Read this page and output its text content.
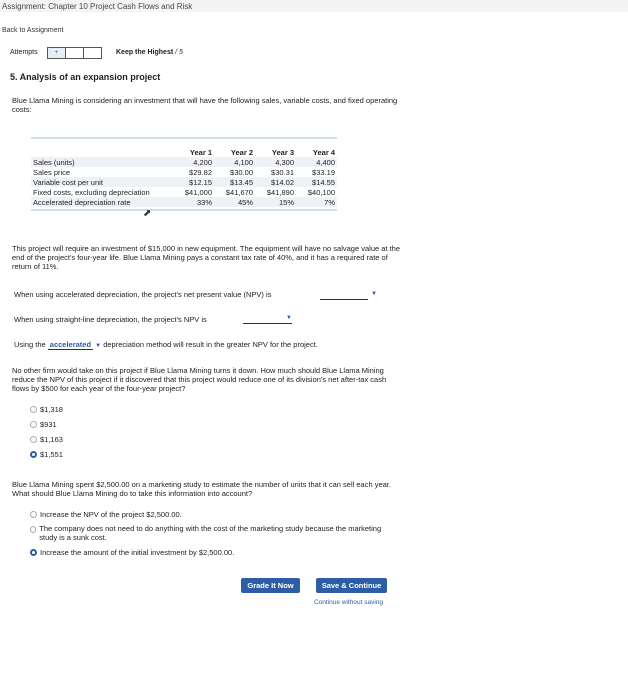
Assignment: Chapter 10 Project Cash Flows and Risk
Back to Assignment
Attempts	+	Keep the Highest / 5
5. Analysis of an expansion project
Blue Llama Mining is considering an investment that will have the following sales, variable costs, and fixed operating costs:
	Year 1	Year 2	Year 3	Year 4
Sales (units)	4,200	4,100	4,300	4,400
Sales price	$29.82	$30.00	$30.31	$33.19
Variable cost per unit	$12.15	$13.45	$14.02	$14.55
Fixed costs, excluding depreciation	$41,000	$41,670	$41,890	$40,100
Accelerated depreciation rate	33%	45%	15%	7%
⬈
This project will require an investment of $15,000 in new equipment. The equipment will have no salvage value at the end of the project's four-year life. Blue Llama Mining pays a constant tax rate of 40%, and it has a required rate of return of 11%.
When using accelerated depreciation, the project's net present value (NPV) is	▼
When using straight-line depreciation, the project's NPV is	▼
Using the accelerated ▼ depreciation method will result in the greater NPV for the project.
No other firm would take on this project if Blue Llama Mining turns it down. How much should Blue Llama Mining reduce the NPV of this project if it discovered that this project would reduce one of its division's net after-tax cash flows by $500 for each year of the four-year project?
$1,318
$931
$1,163
$1,551
Blue Llama Mining spent $2,500.00 on a marketing study to estimate the number of units that it can sell each year. What should Blue Llama Mining do to take this information into account?
Increase the NPV of the project $2,500.00.
The company does not need to do anything with the cost of the marketing study because the marketing study is a sunk cost.
Increase the amount of the initial investment by $2,500.00.
Grade It Now	Save & Continue
Continue without saving
